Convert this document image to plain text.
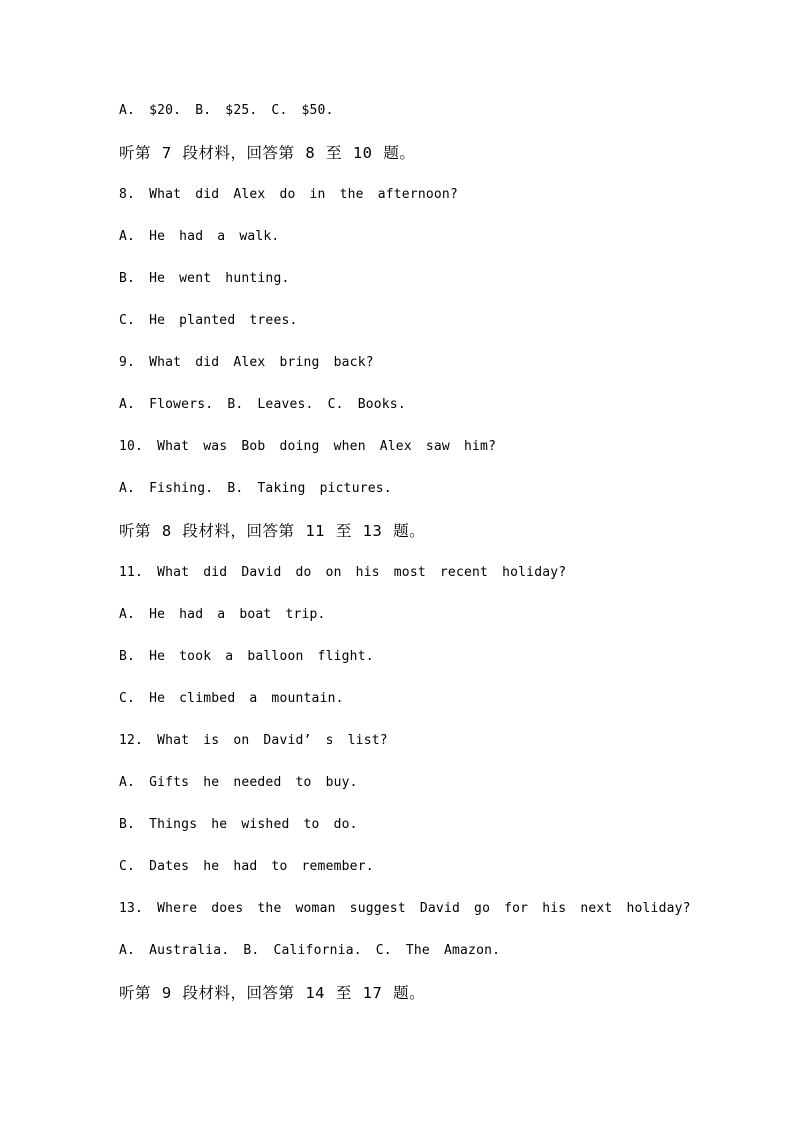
A. $20. B. $25. C. $50.

听第 7 段材料，回答第 8 至 10 题。

8. What did Alex do in the afternoon?

A. He had a walk.

B. He went hunting.

C. He planted trees.

9. What did Alex bring back?

A. Flowers. B. Leaves. C. Books.

10. What was Bob doing when Alex saw him?

A. Fishing. B. Taking pictures.

听第 8 段材料，回答第 11 至 13 题。

11. What did David do on his most recent holiday?

A. He had a boat trip.

B. He took a balloon flight.

C. He climbed a mountain.

12. What is on David’ s list?

A. Gifts he needed to buy.

B. Things he wished to do.

C. Dates he had to remember.

13. Where does the woman suggest David go for his next holiday?

A. Australia. B. California. C. The Amazon.

听第 9 段材料，回答第 14 至 17 题。
